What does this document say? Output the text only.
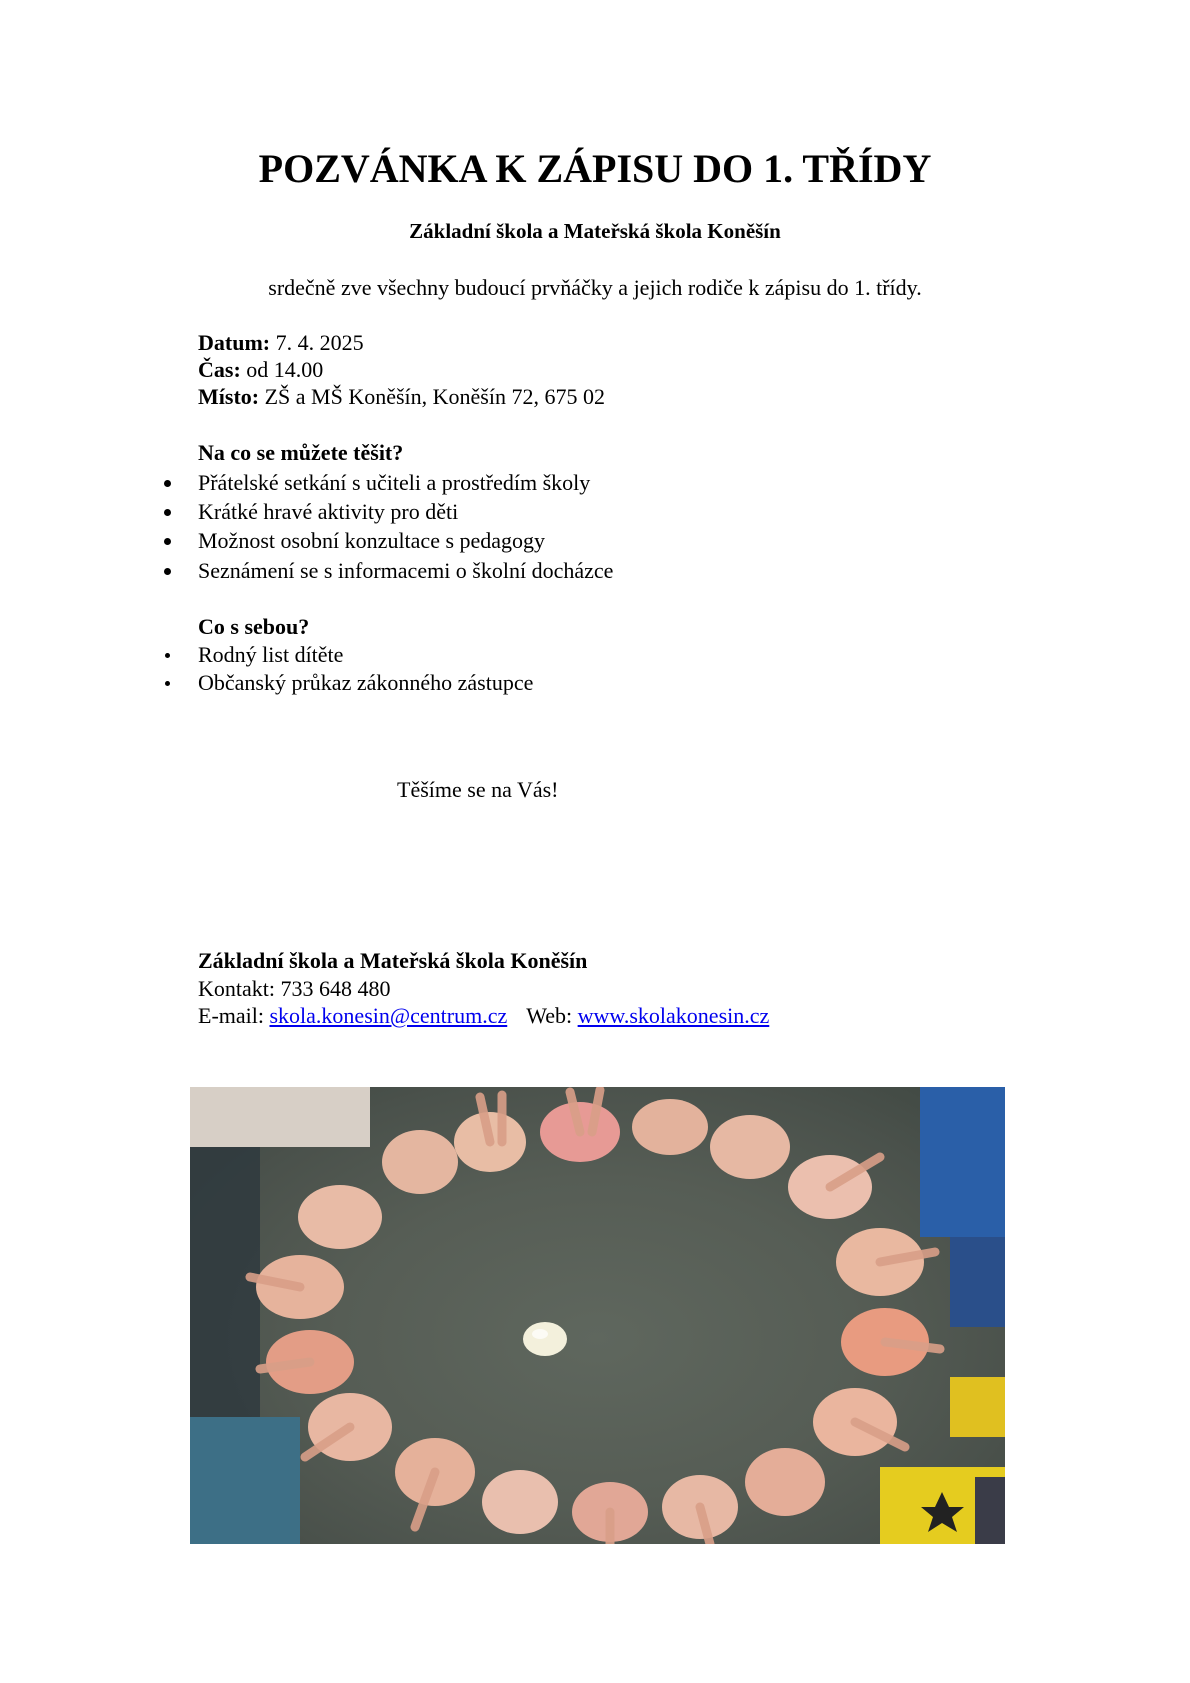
POZVÁNKA K ZÁPISU DO 1. TŘÍDY
Základní škola a Mateřská škola Koněšín
srdečně zve všechny budoucí prvňáčky a jejich rodiče k zápisu do 1. třídy.
Datum: 7. 4. 2025
Čas: od 14.00
Místo: ZŠ a MŠ Koněšín, Koněšín 72, 675 02
Na co se můžete těšit?
Přátelské setkání s učiteli a prostředím školy
Krátké hravé aktivity pro děti
Možnost osobní konzultace s pedagogy
Seznámení se s informacemi o školní docházce
Co s sebou?
Rodný list dítěte
Občanský průkaz zákonného zástupce
Těšíme se na Vás!
Základní škola a Mateřská škola Koněšín
Kontakt: 733 648 480
E-mail: skola.konesin@centrum.cz Web: www.skolakonesin.cz
